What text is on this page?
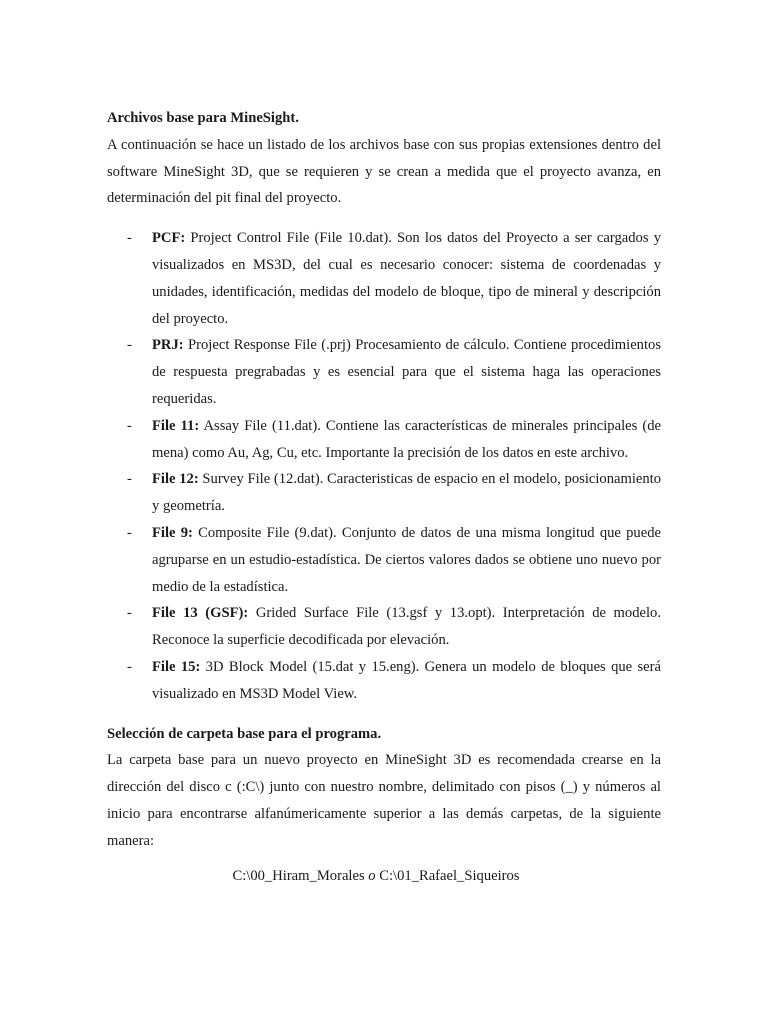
Archivos base para MineSight.

A continuación se hace un listado de los archivos base con sus propias extensiones dentro del software MineSight 3D, que se requieren y se crean a medida que el proyecto avanza, en determinación del pit final del proyecto.

- PCF: Project Control File (File 10.dat). Son los datos del Proyecto a ser cargados y visualizados en MS3D, del cual es necesario conocer: sistema de coordenadas y unidades, identificación, medidas del modelo de bloque, tipo de mineral y descripción del proyecto.
- PRJ: Project Response File (.prj) Procesamiento de cálculo. Contiene procedimientos de respuesta pregrabadas y es esencial para que el sistema haga las operaciones requeridas.
- File 11: Assay File (11.dat). Contiene las características de minerales principales (de mena) como Au, Ag, Cu, etc. Importante la precisión de los datos en este archivo.
- File 12: Survey File (12.dat). Caracteristicas de espacio en el modelo, posicionamiento y geometría.
- File 9: Composite File (9.dat). Conjunto de datos de una misma longitud que puede agruparse en un estudio-estadística. De ciertos valores dados se obtiene uno nuevo por medio de la estadística.
- File 13 (GSF): Grided Surface File (13.gsf y 13.opt). Interpretación de modelo. Reconoce la superficie decodificada por elevación.
- File 15: 3D Block Model (15.dat y 15.eng). Genera un modelo de bloques que será visualizado en MS3D Model View.

Selección de carpeta base para el programa.

La carpeta base para un nuevo proyecto en MineSight 3D es recomendada crearse en la dirección del disco c (:C\) junto con nuestro nombre, delimitado con pisos (_) y números al inicio para encontrarse alfanúmericamente superior a las demás carpetas, de la siguiente manera:

C:\00_Hiram_Morales o C:\01_Rafael_Siqueiros
